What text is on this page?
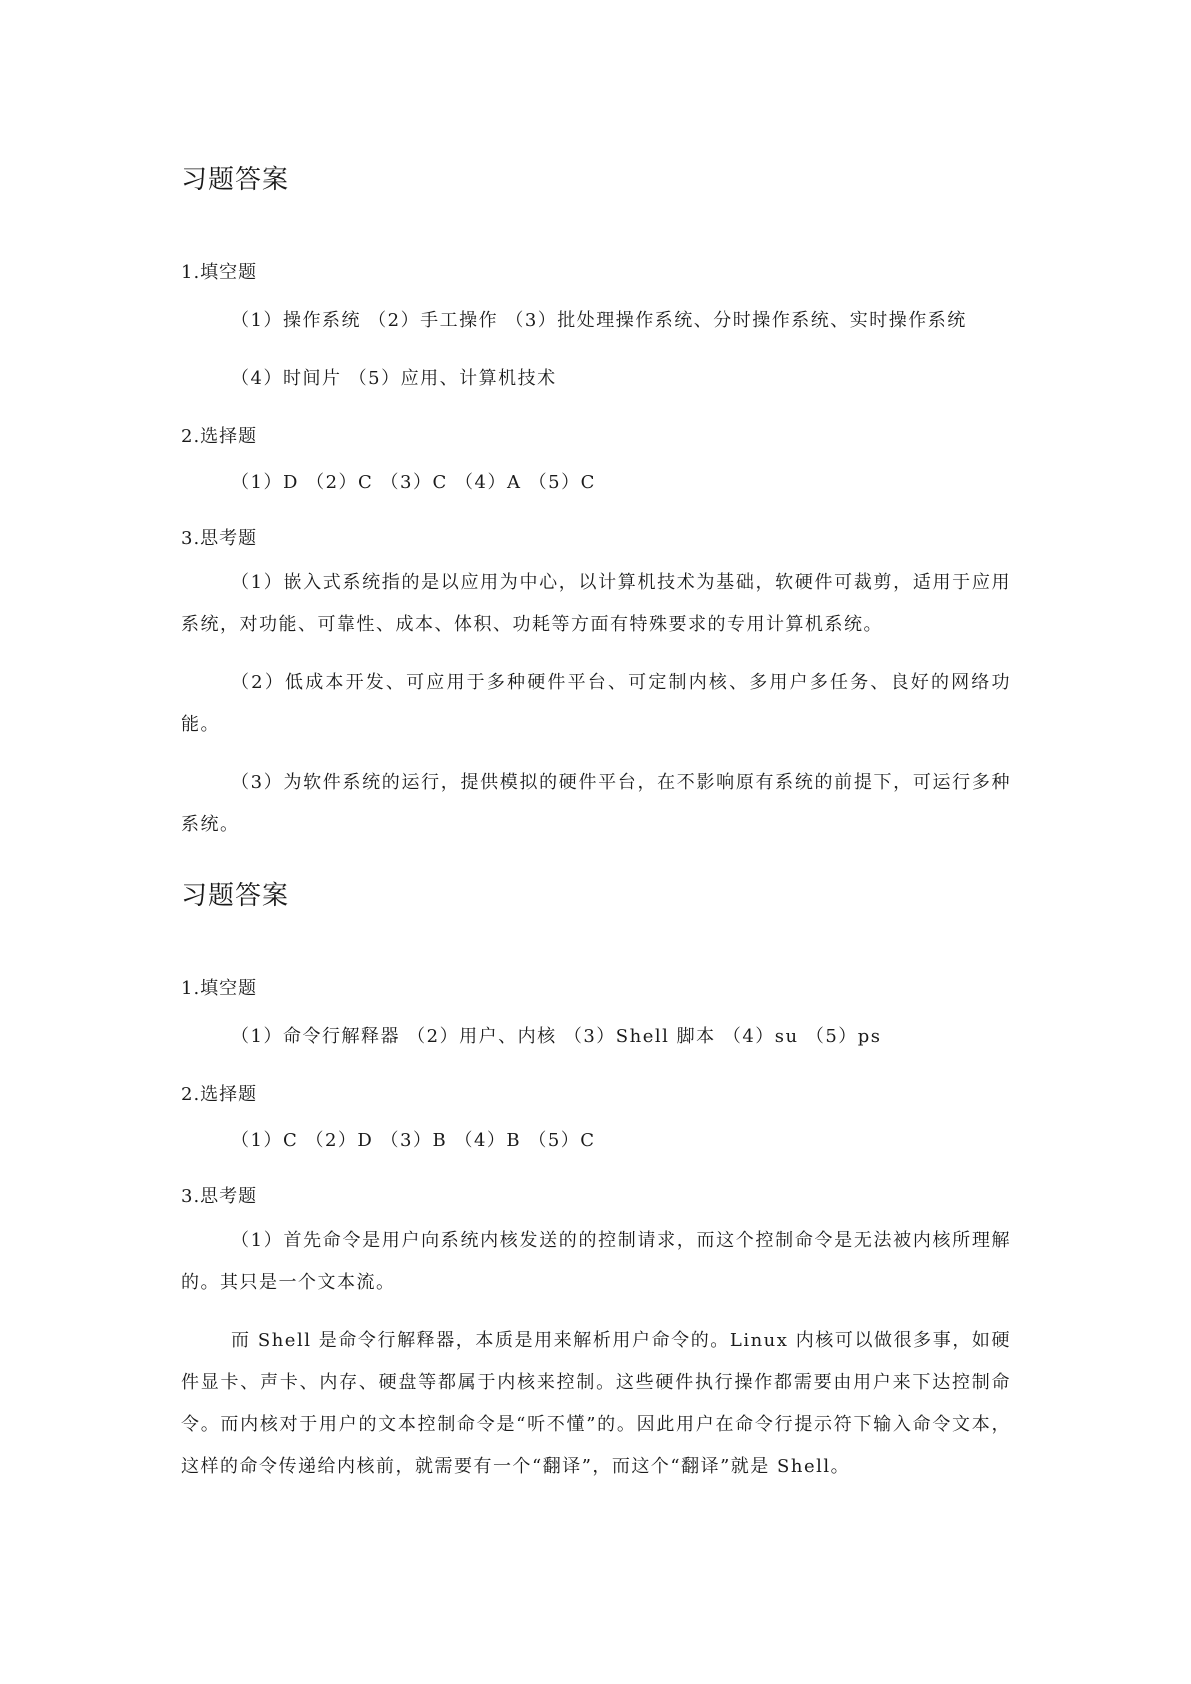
习题答案

1.填空题

（1）操作系统 （2）手工操作 （3）批处理操作系统、分时操作系统、实时操作系统

（4）时间片 （5）应用、计算机技术

2.选择题

（1）D （2）C （3）C （4）A （5）C

3.思考题

（1）嵌入式系统指的是以应用为中心，以计算机技术为基础，软硬件可裁剪，适用于应用系统，对功能、可靠性、成本、体积、功耗等方面有特殊要求的专用计算机系统。

（2）低成本开发、可应用于多种硬件平台、可定制内核、多用户多任务、良好的网络功能。

（3）为软件系统的运行，提供模拟的硬件平台，在不影响原有系统的前提下，可运行多种系统。

习题答案

1.填空题

（1）命令行解释器 （2）用户、内核 （3）Shell 脚本 （4）su （5）ps

2.选择题

（1）C （2）D （3）B （4）B （5）C

3.思考题

（1）首先命令是用户向系统内核发送的的控制请求，而这个控制命令是无法被内核所理解的。其只是一个文本流。

而 Shell 是命令行解释器，本质是用来解析用户命令的。Linux 内核可以做很多事，如硬件显卡、声卡、内存、硬盘等都属于内核来控制。这些硬件执行操作都需要由用户来下达控制命令。而内核对于用户的文本控制命令是“听不懂”的。因此用户在命令行提示符下输入命令文本，这样的命令传递给内核前，就需要有一个“翻译”，而这个“翻译”就是 Shell。
